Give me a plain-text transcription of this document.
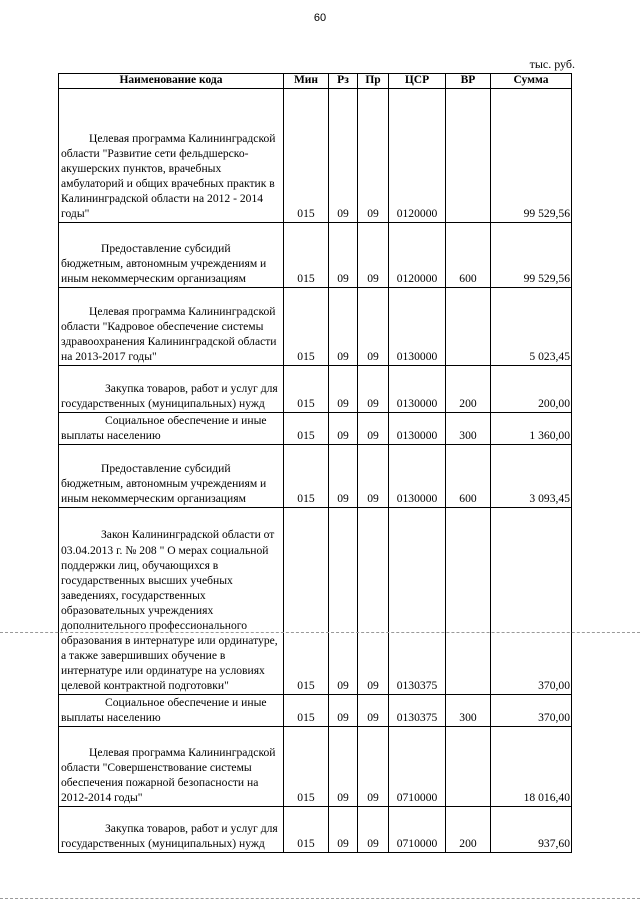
60
тыс. руб.
Наименование кода	Мин	Рз	Пр	ЦСР	ВР	Сумма
Целевая программа Калининградской области "Развитие сети фельдшерско-акушерских пунктов, врачебных амбулаторий и общих врачебных практик в Калининградской области на 2012 - 2014 годы"	015	09	09	0120000		99 529,56
Предоставление субсидий бюджетным, автономным учреждениям и иным некоммерческим организациям	015	09	09	0120000	600	99 529,56
Целевая программа Калининградской области "Кадровое обеспечение системы здравоохранения Калининградской области на 2013-2017 годы"	015	09	09	0130000		5 023,45
Закупка товаров, работ и услуг для государственных (муниципальных) нужд	015	09	09	0130000	200	200,00
Социальное обеспечение и иные выплаты населению	015	09	09	0130000	300	1 360,00
Предоставление субсидий бюджетным, автономным учреждениям и иным некоммерческим организациям	015	09	09	0130000	600	3 093,45
Закон Калининградской области от 03.04.2013 г. № 208 " О мерах социальной поддержки лиц, обучающихся в государственных высших учебных заведениях, государственных образовательных учреждениях дополнительного профессионального образования в интернатуре или ординатуре, а также завершивших обучение в интернатуре или ординатуре на условиях целевой контрактной подготовки"	015	09	09	0130375		370,00
Социальное обеспечение и иные выплаты населению	015	09	09	0130375	300	370,00
Целевая программа Калининградской области "Совершенствование системы обеспечения пожарной безопасности на 2012-2014 годы"	015	09	09	0710000		18 016,40
Закупка товаров, работ и услуг для государственных (муниципальных) нужд	015	09	09	0710000	200	937,60
